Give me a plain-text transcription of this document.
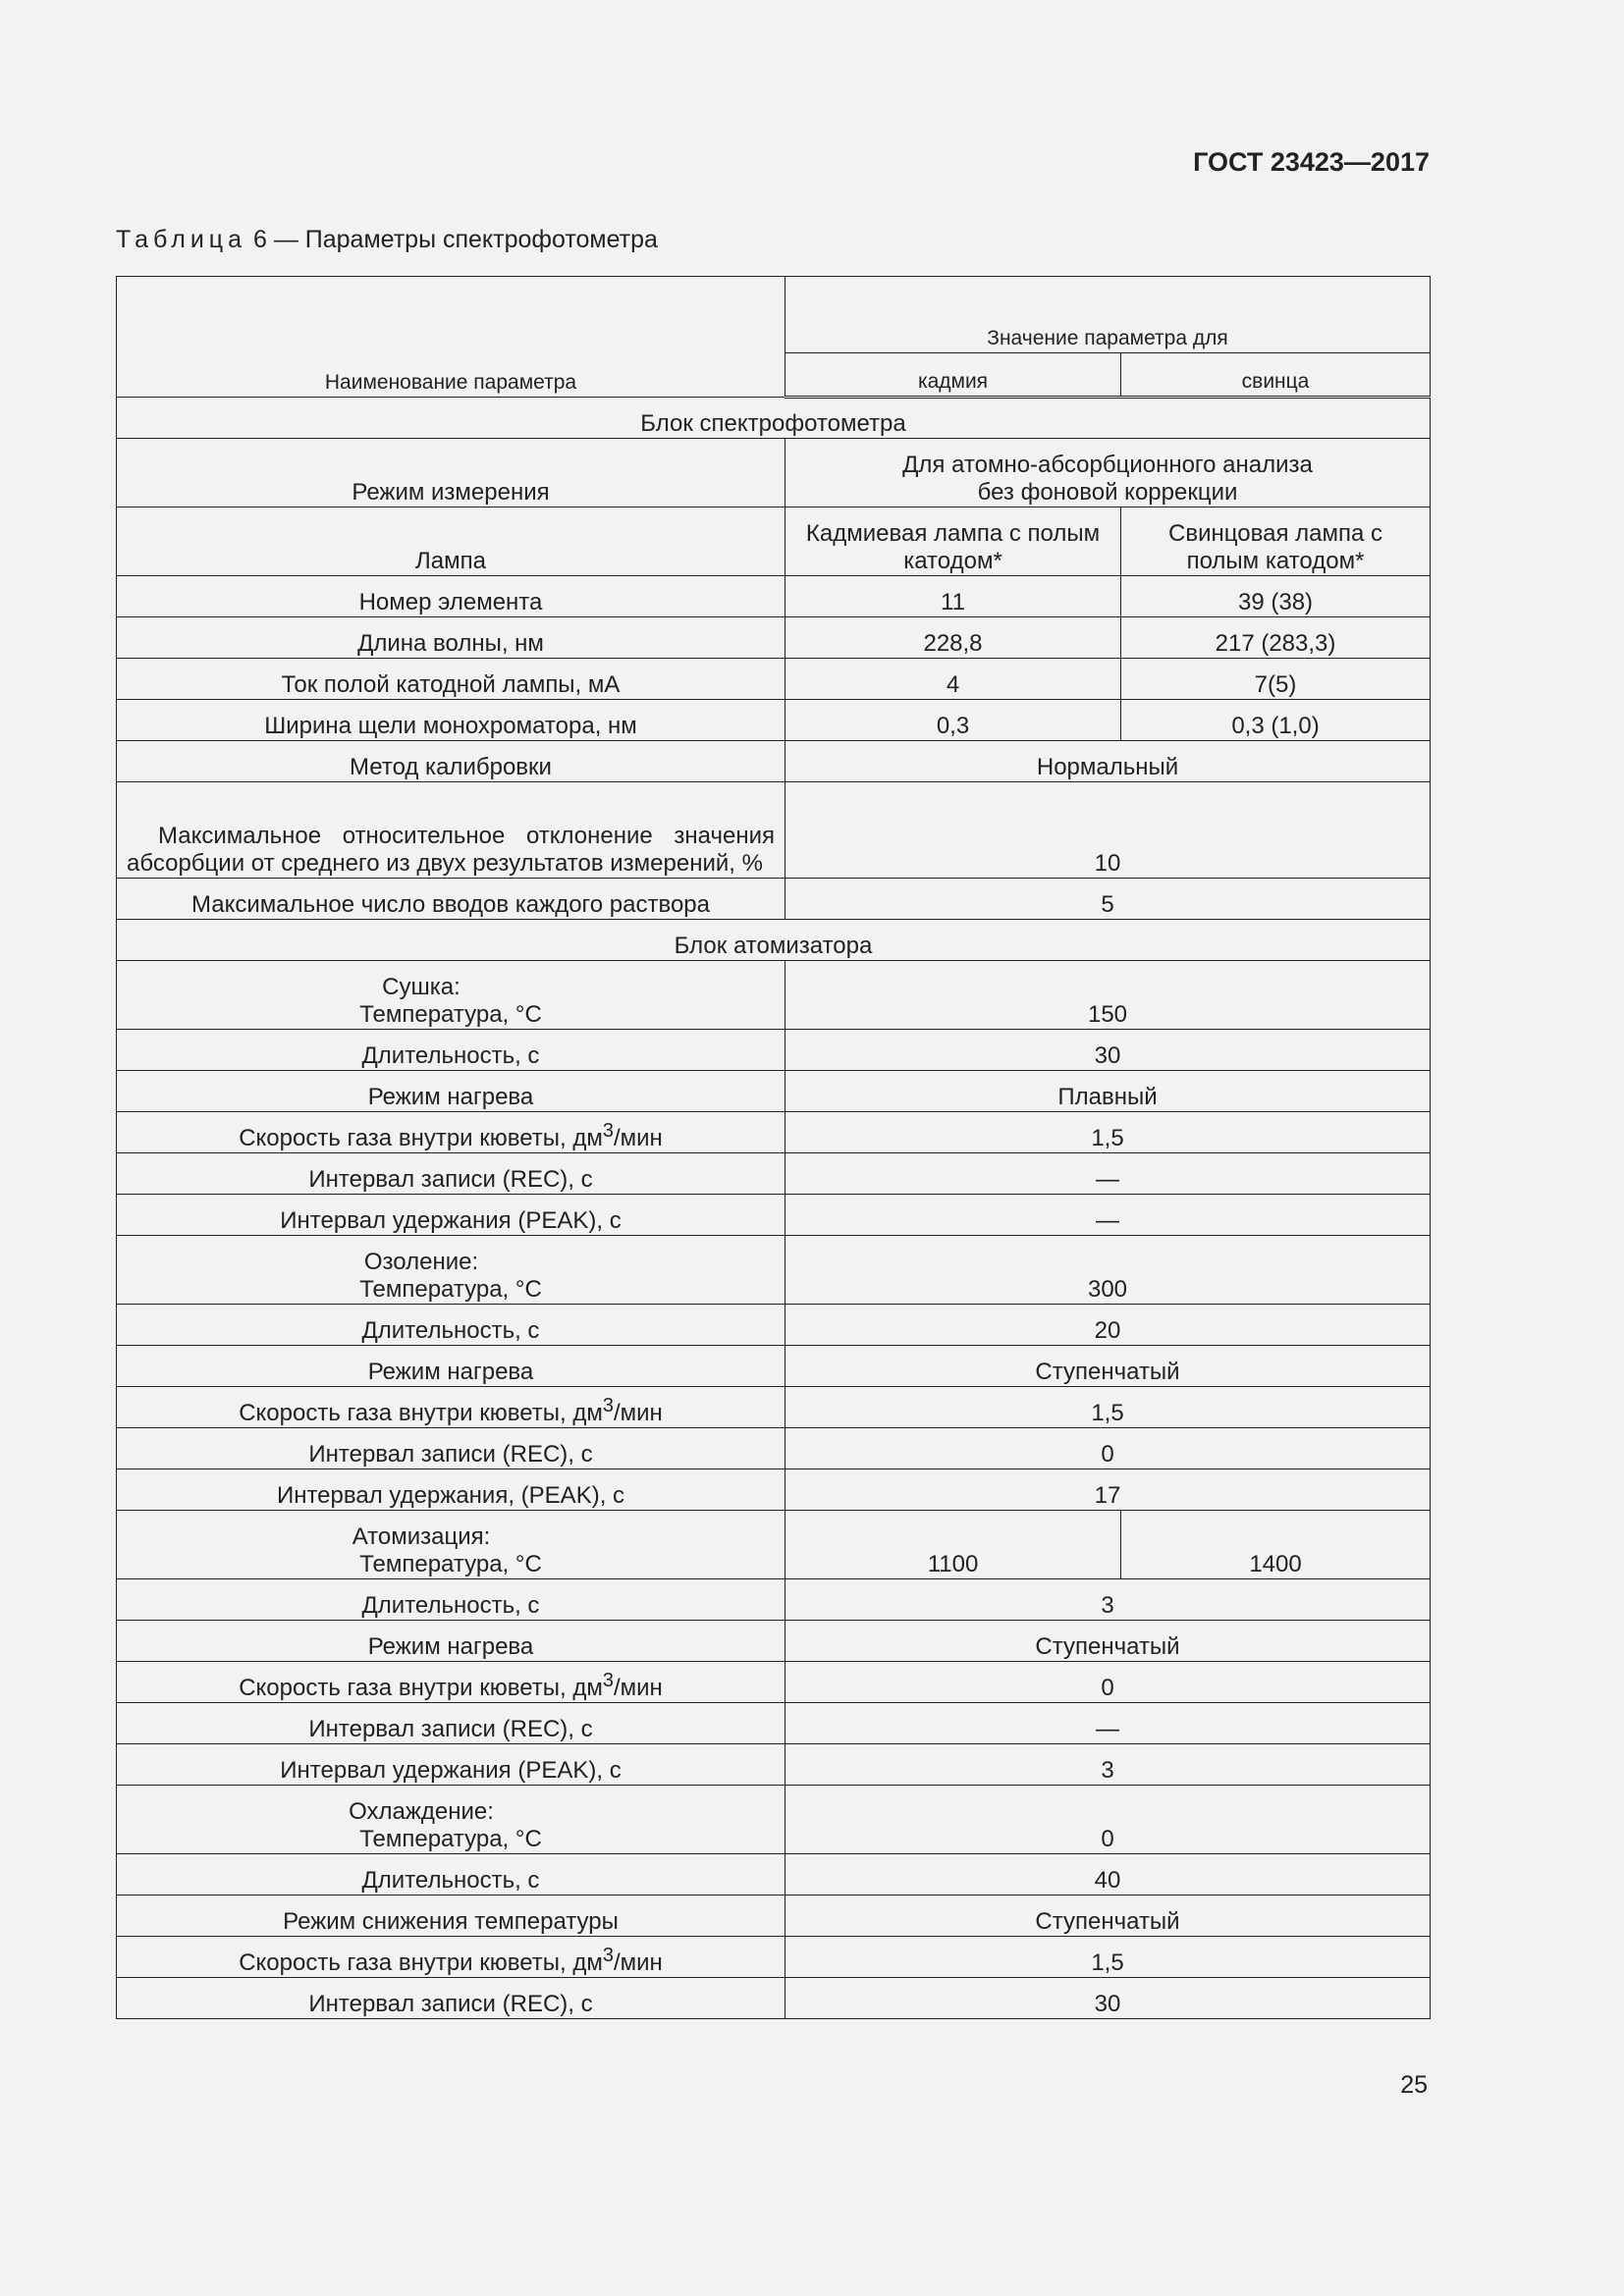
ГОСТ 23423—2017
Таблица 6 — Параметры спектрофотометра
Наименование параметра	Значение параметра для	
	кадмия	свинца
Блок спектрофотометра		
Режим измерения	Для атомно-абсорбционного анализа без фоновой коррекции	
Лампа	Кадмиевая лампа с полым катодом*	Свинцовая лампа с полым катодом*
Номер элемента	11	39 (38)
Длина волны, нм	228,8	217 (283,3)
Ток полой катодной лампы, мА	4	7(5)
Ширина щели монохроматора, нм	0,3	0,3 (1,0)
Метод калибровки	Нормальный	
Максимальное относительное отклонение значения абсорбции от среднего из двух результатов измерений, %	10	
Максимальное число вводов каждого раствора	5	
Блок атомизатора		

Сушка:
Температура, °С	150	
Длительность, с	30	
Режим нагрева	Плавный	
Скорость газа внутри кюветы, $дм^3$/мин	1,5	
Интервал записи (REC), с	—	
Интервал удержания (PEAK), с	—	

Озоление:
Температура, °С	300	
Длительность, с	20	
Режим нагрева	Ступенчатый	
Скорость газа внутри кюветы, $дм^3$/мин	1,5	
Интервал записи (REC), с	0	
Интервал удержания, (PEAK), с	17	

Атомизация:
Температура, °С	1100	1400
Длительность, с	3	
Режим нагрева	Ступенчатый	
Скорость газа внутри кюветы, $дм^3$/мин	0	
Интервал записи (REC), с	—	
Интервал удержания (PEAK), с	3	

Охлаждение:
Температура, °С	0	
Длительность, с	40	
Режим снижения температуры	Ступенчатый	
Скорость газа внутри кюветы, $дм^3$/мин	1,5	
Интервал записи (REC), с	30	
25
